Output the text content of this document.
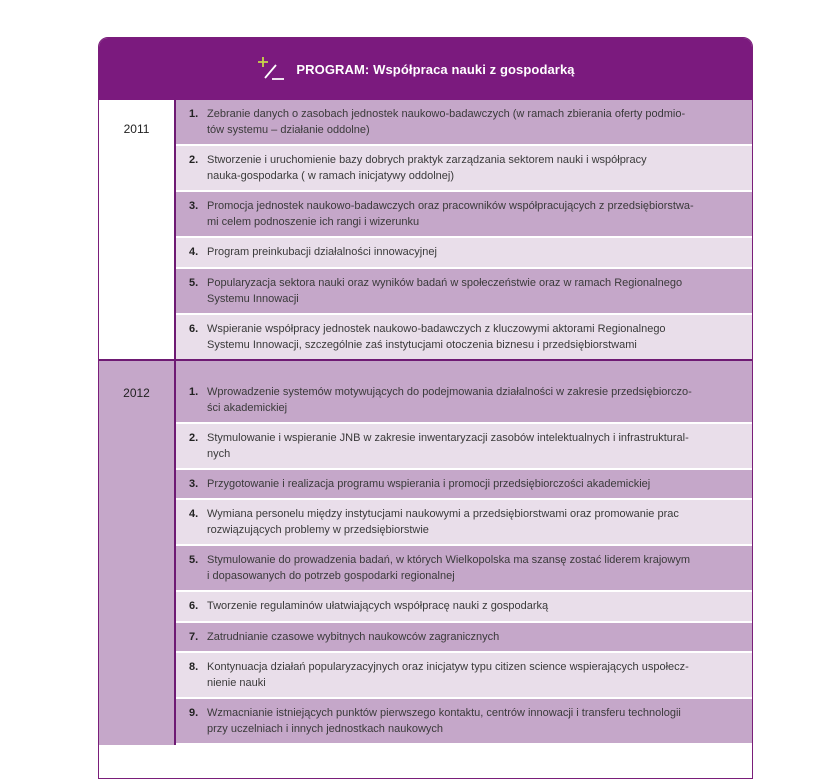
PROGRAM: Współpraca nauki z gospodarką
2011
1. Zebranie danych o zasobach jednostek naukowo-badawczych (w ramach zbierania oferty podmio-
tów systemu – działanie oddolne)
2. Stworzenie i uruchomienie bazy dobrych praktyk zarządzania sektorem nauki i współpracy
nauka-gospodarka ( w ramach inicjatywy oddolnej)
3. Promocja jednostek naukowo-badawczych oraz pracowników współpracujących z przedsiębiorstwa-
mi celem podnoszenie ich rangi i wizerunku
4. Program preinkubacji działalności innowacyjnej
5. Popularyzacja sektora nauki oraz wyników badań w społeczeństwie oraz w ramach Regionalnego
Systemu Innowacji
6. Wspieranie współpracy jednostek naukowo-badawczych z kluczowymi aktorami Regionalnego
Systemu Innowacji, szczególnie zaś instytucjami otoczenia biznesu i przedsiębiorstwami
2012	1. Wprowadzenie systemów motywujących do podejmowania działalności w zakresie przedsiębiorczo-
ści akademickiej
2. Stymulowanie i wspieranie JNB w zakresie inwentaryzacji zasobów intelektualnych i infrastruktural-
nych
3. Przygotowanie i realizacja programu wspierania i promocji przedsiębiorczości akademickiej
4. Wymiana personelu między instytucjami naukowymi a przedsiębiorstwami oraz promowanie prac
rozwiązujących problemy w przedsiębiorstwie
5. Stymulowanie do prowadzenia badań, w których Wielkopolska ma szansę zostać liderem krajowym
i dopasowanych do potrzeb gospodarki regionalnej
6. Tworzenie regulaminów ułatwiających współpracę nauki z gospodarką
7. Zatrudnianie czasowe wybitnych naukowców zagranicznych
8. Kontynuacja działań popularyzacyjnych oraz inicjatyw typu citizen science wspierających uspołecz-
nienie nauki
9. Wzmacnianie istniejących punktów pierwszego kontaktu, centrów innowacji i transferu technologii
przy uczelniach i innych jednostkach naukowych
